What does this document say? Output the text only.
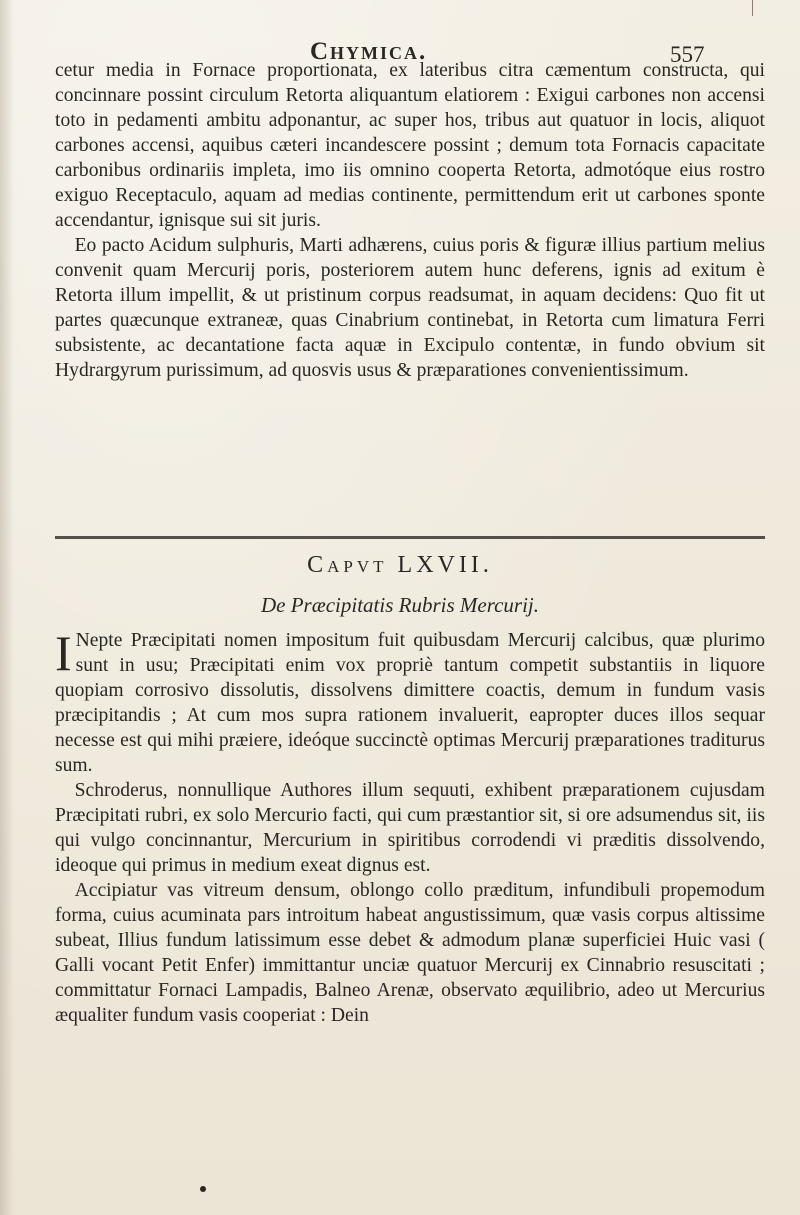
Chymica.	557

cetur media in Fornace proportionata, ex lateribus citra cæmentum constructa, qui concinnare possint circulum Retorta aliquantum elatiorem : Exigui carbones non accensi toto in pedamenti ambitu adponantur, ac super hos, tribus aut quatuor in locis, aliquot carbones accensi, aquibus cæteri incandescere possint ; demum tota Fornacis capacitate carbonibus ordinariis impleta, imo iis omnino cooperta Retorta, admotóque eius rostro exiguo Receptaculo, aquam ad medias continente, permittendum erit ut carbones sponte accendantur, ignisque sui sit juris.

Eo pacto Acidum sulphuris, Marti adhærens, cuius poris & figuræ illius partium melius convenit quam Mercurij poris, posteriorem autem hunc deferens, ignis ad exitum è Retorta illum impellit, & ut pristinum corpus readsumat, in aquam decidens: Quo fit ut partes quæcunque extraneæ, quas Cinabrium continebat, in Retorta cum limatura Ferri subsistente, ac decantatione facta aquæ in Excipulo contentæ, in fundo obvium sit Hydrargyrum purissimum, ad quosvis usus & præparationes convenientissimum.

Capvt LXVII.
De Præcipitatis Rubris Mercurij.

I Nepte Præcipitati nomen impositum fuit quibusdam Mercurij calcibus, quæ plurimo sunt in usu; Præcipitati enim vox propriè tantum competit substantiis in liquore quopiam corrosivo dissolutis, dissolvens dimittere coactis, demum in fundum vasis præcipitandis ; At cum mos supra rationem invaluerit, eapropter duces illos sequar necesse est qui mihi præiere, ideóque succinctè optimas Mercurij præparationes traditurus sum.

Schroderus, nonnullique Authores illum sequuti, exhibent præparationem cujusdam Præcipitati rubri, ex solo Mercurio facti, qui cum præstantior sit, si ore adsumendus sit, iis qui vulgo concinnantur, Mercurium in spiritibus corrodendi vi præditis dissolvendo, ideoque qui primus in medium exeat dignus est.

Accipiatur vas vitreum densum, oblongo collo præditum, infundibuli propemodum forma, cuius acuminata pars introitum habeat angustissimum, quæ vasis corpus altissime subeat, Illius fundum latissimum esse debet & admodum planæ superficiei Huic vasi ( Galli vocant Petit Enfer) immittantur unciæ quatuor Mercurij ex Cinnabrio resuscitati ; committatur Fornaci Lampadis, Balneo Arenæ, observato æquilibrio, adeo ut Mercurius æqualiter fundum vasis cooperiat : Dein
